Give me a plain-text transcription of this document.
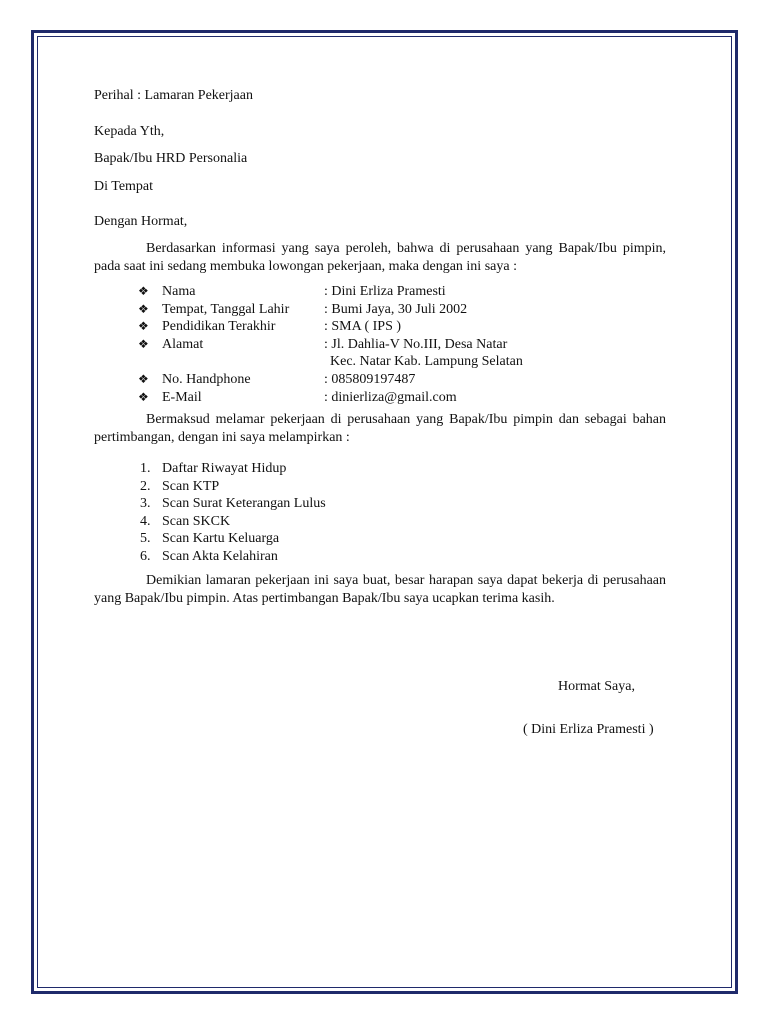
Perihal : Lamaran Pekerjaan
Kepada Yth,
Bapak/Ibu HRD Personalia
Di Tempat
Dengan Hormat,
Berdasarkan informasi yang saya peroleh, bahwa di perusahaan yang Bapak/Ibu pimpin, pada saat ini sedang membuka lowongan pekerjaan, maka dengan ini saya :
❖ Nama	: Dini Erliza Pramesti
❖ Tempat, Tanggal Lahir : Bumi Jaya, 30 Juli 2002
❖ Pendidikan Terakhir	: SMA ( IPS )
❖ Alamat	: Jl. Dahlia-V No.III, Desa Natar
Kec. Natar Kab. Lampung Selatan
❖ No. Handphone	: 085809197487
❖ E-Mail	: dinierliza@gmail.com
Bermaksud melamar pekerjaan di perusahaan yang Bapak/Ibu pimpin dan sebagai bahan pertimbangan, dengan ini saya melampirkan :
1. Daftar Riwayat Hidup
2. Scan KTP
3. Scan Surat Keterangan Lulus
4. Scan SKCK
5. Scan Kartu Keluarga
6. Scan Akta Kelahiran
Demikian lamaran pekerjaan ini saya buat, besar harapan saya dapat bekerja di perusahaan yang Bapak/Ibu pimpin. Atas pertimbangan Bapak/Ibu saya ucapkan terima kasih.
Hormat Saya,
( Dini Erliza Pramesti )
